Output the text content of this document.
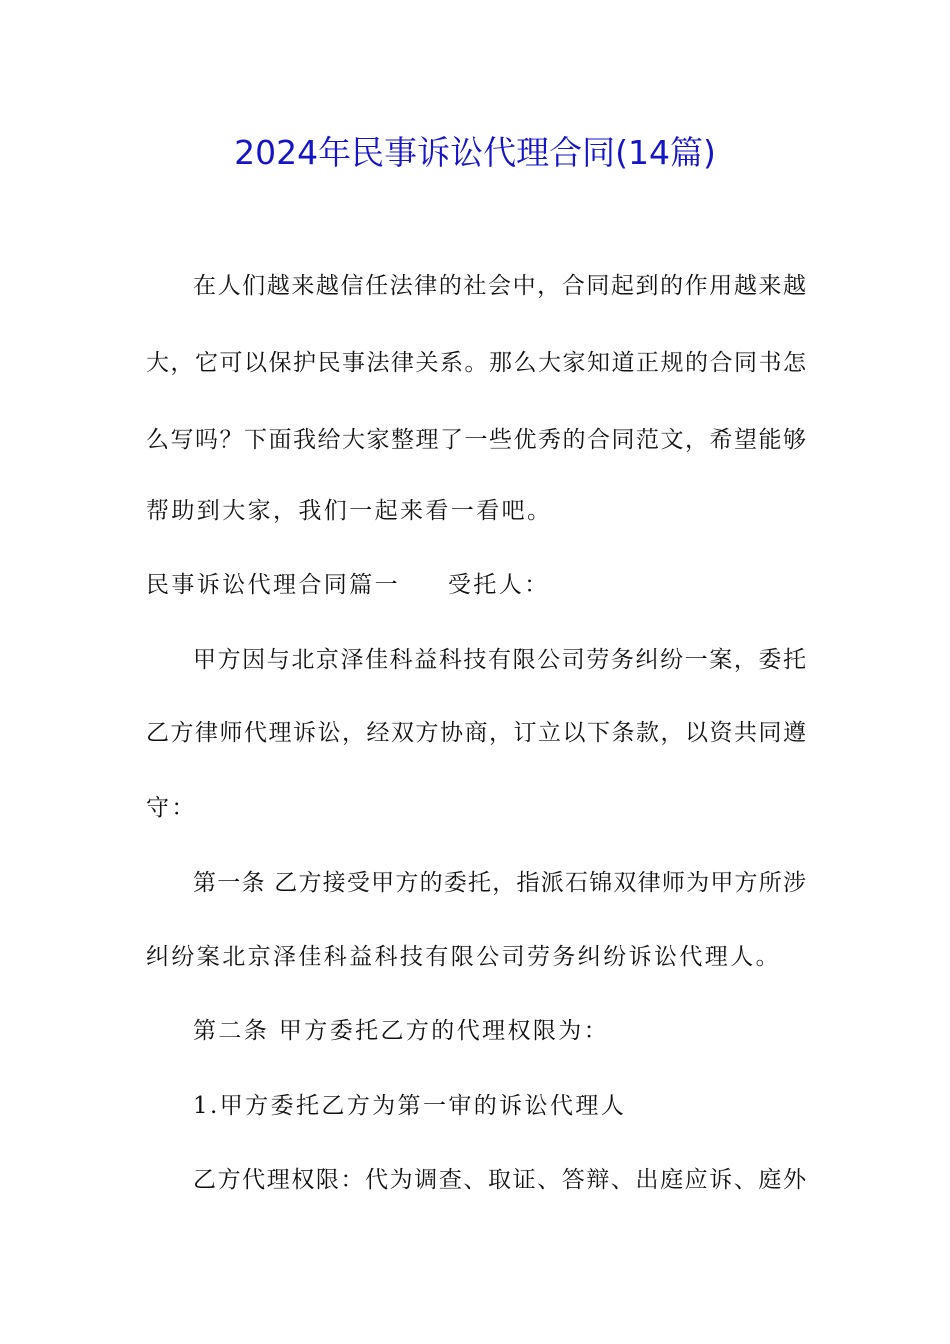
2024年民事诉讼代理合同(14篇)
在人们越来越信任法律的社会中，合同起到的作用越来越
大，它可以保护民事法律关系。那么大家知道正规的合同书怎
么写吗？下面我给大家整理了一些优秀的合同范文，希望能够
帮助到大家，我们一起来看一看吧。
民事诉讼代理合同篇一 受托人：
甲方因与北京泽佳科益科技有限公司劳务纠纷一案，委托
乙方律师代理诉讼，经双方协商，订立以下条款，以资共同遵
守：
第一条 乙方接受甲方的委托，指派石锦双律师为甲方所涉
纠纷案北京泽佳科益科技有限公司劳务纠纷诉讼代理人。
第二条 甲方委托乙方的代理权限为：
1.甲方委托乙方为第一审的诉讼代理人
乙方代理权限：代为调查、取证、答辩、出庭应诉、庭外
